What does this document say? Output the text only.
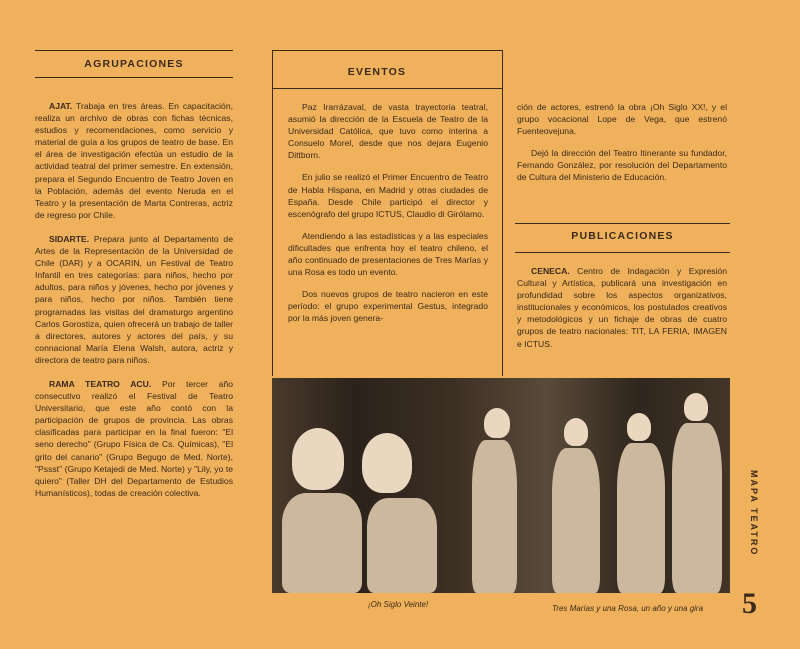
AGRUPACIONES

AJAT. Trabaja en tres áreas. En capacitación, realiza un archivo de obras con fichas técnicas, estudios y recomendaciones, como servicio y material de guía a los grupos de teatro de base. En el área de investigación efectúa un estudio de la actividad teatral del primer semestre. En extensión, prepara el Segundo Encuentro de Teatro Joven en la Población, además del evento Neruda en el Teatro y la presentación de Marta Contreras, actriz de regreso por Chile.

SIDARTE. Prepara junto al Departamento de Artes de la Representación de la Universidad de Chile (DAR) y a OCARIN, un Festival de Teatro Infantil en tres categorías: para niños, hecho por adultos, para niños y jóvenes, hecho por jóvenes y para niños, hecho por niños. También tiene programadas las visitas del dramaturgo argentino Carlos Gorostiza, quien ofrecerá un trabajo de taller a directores, autores y actores del país, y su connacional María Elena Walsh, autora, actriz y directora de teatro para niños.

RAMA TEATRO ACU. Por tercer año consecutivo realizó el Festival de Teatro Universitario, que este año contó con la participación de grupos de provincia. Las obras clasificadas para participar en la final fueron: "El seno derecho" (Grupo Física de Cs. Químicas), "El grito del canario" (Grupo Begugo de Med. Norte), "Pssst" (Grupo Ketajedi de Med. Norte) y "Lily, yo te quiero" (Taller DH del Departamento de Estudios Humanísticos), todas de creación colectiva.

EVENTOS

Paz Irarrázaval, de vasta trayectoria teatral, asumió la dirección de la Escuela de Teatro de la Universidad Católica, que tuvo como interina a Consuelo Morel, desde que nos dejara Eugenio Dittborn.

En julio se realizó el Primer Encuentro de Teatro de Habla Hispana, en Madrid y otras ciudades de España. Desde Chile participó el director y escenógrafo del grupo ICTUS, Claudio di Girólamo.

Atendiendo a las estadísticas y a las especiales dificultades que enfrenta hoy el teatro chileno, el año continuado de presentaciones de Tres Marías y una Rosa es todo un evento.

Dos nuevos grupos de teatro nacieron en este período: el grupo experimental Gestus, integrado por la más joven genera-

ción de actores, estrenó la obra ¡Oh Siglo XX!, y el grupo vocacional Lope de Vega, que estrenó Fuenteovejuna.

Dejó la dirección del Teatro Itinerante su fundador, Fernando González, por resolución del Departamento de Cultura del Ministerio de Educación.

PUBLICACIONES

CENECA. Centro de Indagación y Expresión Cultural y Artística, publicará una investigación en profundidad sobre los aspectos organizativos, institucionales y económicos, los postulados creativos y metodológicos y un fichaje de obras de cuatro grupos de teatro nacionales: TIT, LA FERIA, IMAGEN e ICTUS.

¡Oh Siglo Veinte!	Tres Marías y una Rosa, un año y una gira
MAPA TEATRO
5
